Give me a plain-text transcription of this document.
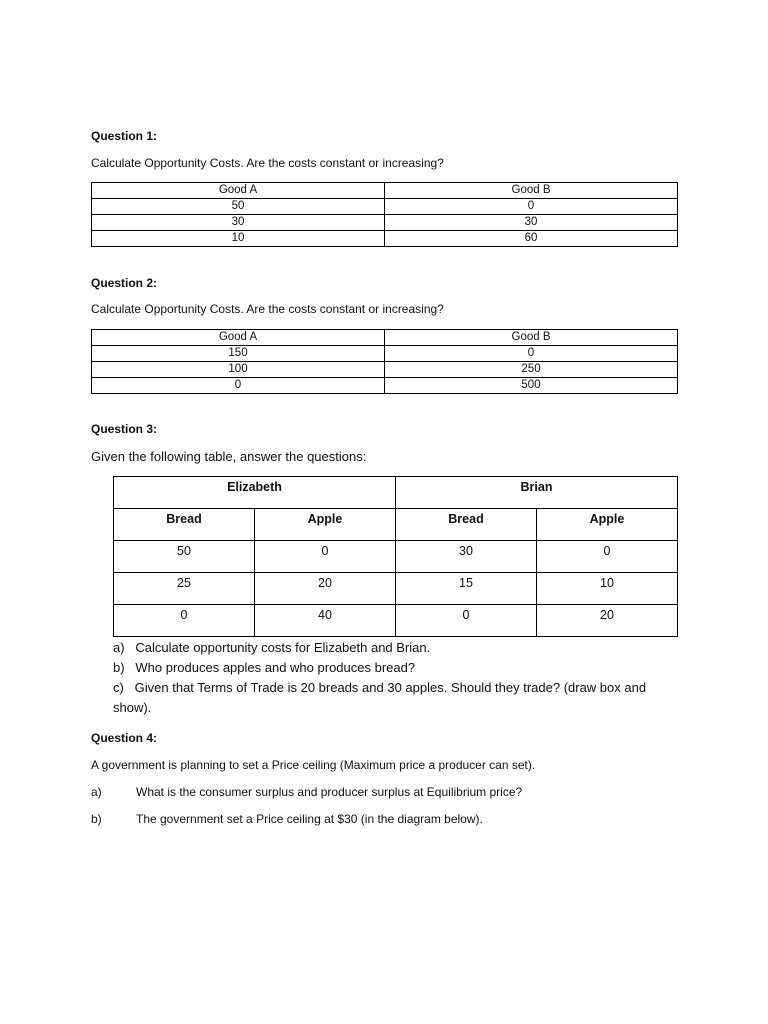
Question 1:
Calculate Opportunity Costs. Are the costs constant or increasing?
Good A	Good B
50	0
30	30
10	60
Question 2:
Calculate Opportunity Costs. Are the costs constant or increasing?
Good A	Good B
150	0
100	250
0	500
Question 3:
Given the following table, answer the questions:
Elizabeth		Brian	
Bread	Apple	Bread	Apple
50	0	30	0
25	20	15	10
0	40	0	20
a)   Calculate opportunity costs for Elizabeth and Brian.
b)   Who produces apples and who produces bread?
c)   Given that Terms of Trade is 20 breads and 30 apples. Should they trade? (draw box and
show).
Question 4:
A government is planning to set a Price ceiling (Maximum price a producer can set).
a)	What is the consumer surplus and producer surplus at Equilibrium price?
b)	The government set a Price ceiling at $30 (in the diagram below).
